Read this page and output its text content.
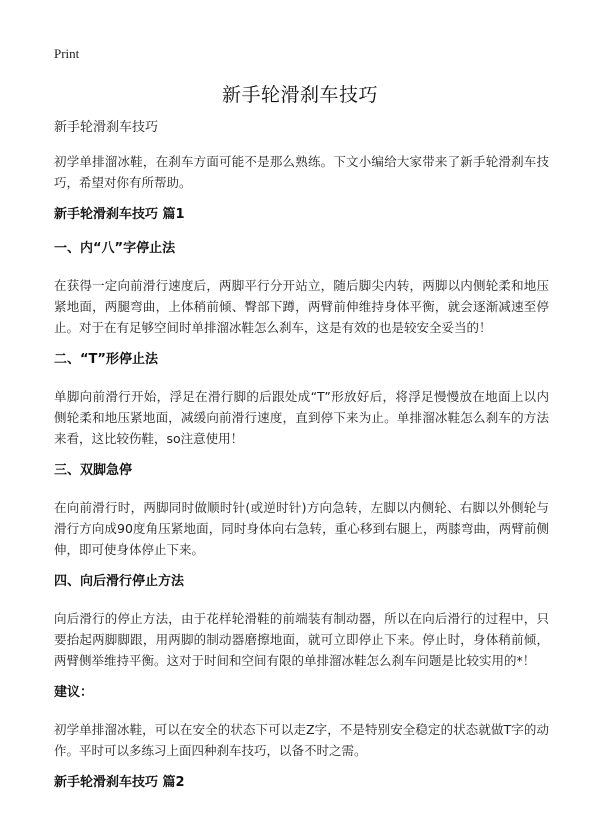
Print
新手轮滑刹车技巧
新手轮滑刹车技巧
初学单排溜冰鞋，在刹车方面可能不是那么熟练。下文小编给大家带来了新手轮滑刹车技巧，希望对你有所帮助。
新手轮滑刹车技巧 篇1
一、内“八”字停止法
在获得一定向前滑行速度后，两脚平行分开站立，随后脚尖内转，两脚以内侧轮柔和地压紧地面，两腿弯曲，上体稍前倾、臀部下蹲，两臂前伸维持身体平衡，就会逐渐减速至停止。对于在有足够空间时单排溜冰鞋怎么刹车，这是有效的也是较安全妥当的！
二、“T”形停止法
单脚向前滑行开始，浮足在滑行脚的后跟处成“T”形放好后，将浮足慢慢放在地面上以内侧轮柔和地压紧地面，减缓向前滑行速度，直到停下来为止。单排溜冰鞋怎么刹车的方法来看，这比较伤鞋，so注意使用！
三、双脚急停
在向前滑行时，两脚同时做顺时针(或逆时针)方向急转，左脚以内侧轮、右脚以外侧轮与滑行方向成90度角压紧地面，同时身体向右急转，重心移到右腿上，两膝弯曲，两臂前侧伸，即可使身体停止下来。
四、向后滑行停止方法
向后滑行的停止方法，由于花样轮滑鞋的前端装有制动器，所以在向后滑行的过程中，只要抬起两脚脚跟，用两脚的制动器磨擦地面，就可立即停止下来。停止时，身体稍前倾，两臂侧举维持平衡。这对于时间和空间有限的单排溜冰鞋怎么刹车问题是比较实用的*！
建议：
初学单排溜冰鞋，可以在安全的状态下可以走Z字，不是特别安全稳定的状态就做T字的动作。平时可以多练习上面四种刹车技巧，以备不时之需。
新手轮滑刹车技巧 篇2
